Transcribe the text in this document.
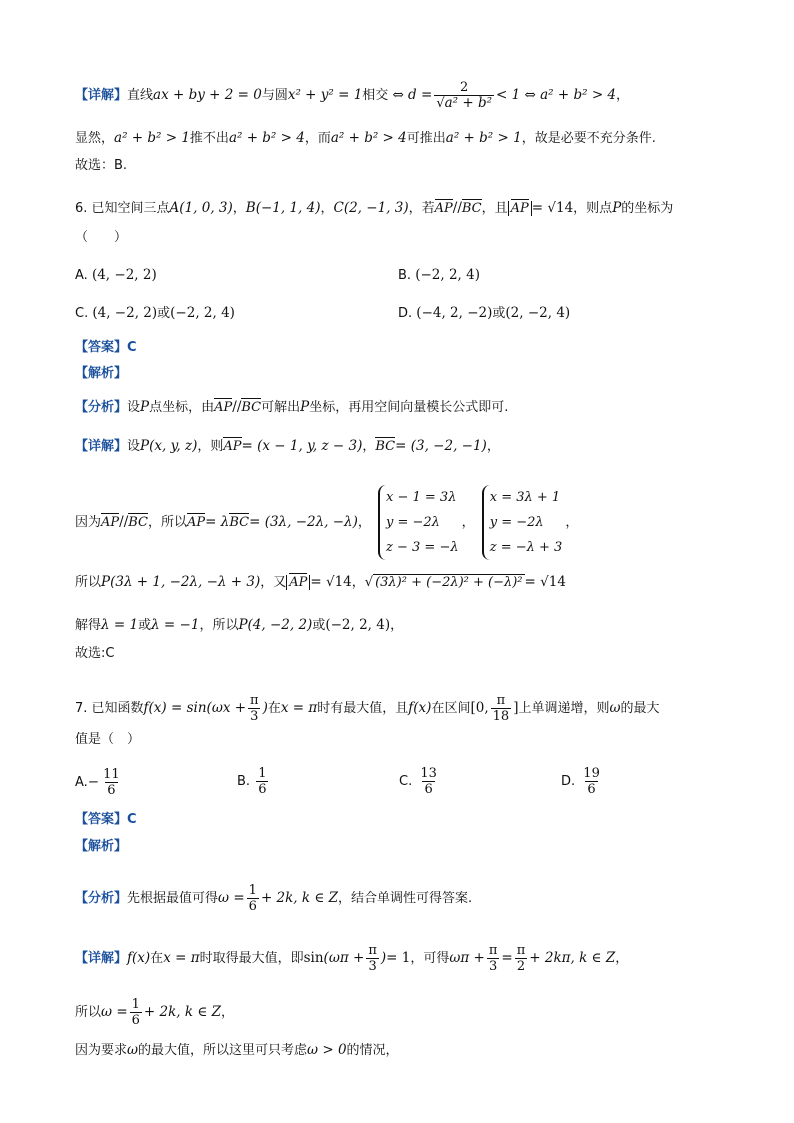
【详解】直线ax + by + 2 = 0与圆x² + y² = 1相交 ⇔ $d = \frac{2}{\text{√a² + b²}} < 1$ ⇔ a² + b² > 4，
显然，a² + b² > 1推不出a² + b² > 4，而a² + b² > 4可推出a² + b² > 1，故是必要不充分条件.
故选：B.
6. 已知空间三点A(1, 0, 3)，B(−1, 1, 4)，C(2, −1, 3)，若AP//BC，且 AP = √14，则点P的坐标为
（　　）
A. (4, −2, 2)	B. (−2, 2, 4)
C. (4, −2, 2)或(−2, 2, 4)	D. (−4, 2, −2)或(2, −2, 4)
【答案】C
【解析】
【分析】设P点坐标，由AP//BC可解出P坐标，再用空间向量模长公式即可.
【详解】设P(x, y, z)，则AP= (x − 1, y, z − 3)，BC= (3, −2, −1)，
因为AP//BC，所以AP= λBC= (3λ, −2λ, −λ)，
x − 1 = 3λ
y = −2λ
z − 3 = −λ
，
x = 3λ + 1
y = −2λ
z = −λ + 3
，
所以P(3λ + 1, −2λ, −λ + 3)，又 AP = √14，√ (3λ)² + (−2λ)² + (−λ)² = √14
解得λ = 1或λ = −1，所以P(4, −2, 2)或(−2, 2, 4)，
故选:C
7. 已知函数$f(x) = \sin(\omega x + \frac{\pi}{3}$ )在x = π时有最大值，且f(x)在区间[0, $\frac{\pi}{18}$ ]上单调递增，则ω的最大
值是（　）
$A.- \frac{11}{6}$	B. $\frac{1}{6}$	C. $\frac{13}{6}$	D. $\frac{19}{6}$
【答案】C
【解析】
【分析】先根据最值可得$\omega = \frac{1}{6} + 2k$, k ∈ Z，结合单调性可得答案.
【详解】f(x)在x = π时取得最大值，即$\sin(\omega\pi + \frac{\pi}{3}$ )= 1，可得$\omega\pi + \frac{\pi}{3} = \frac{\pi}{2} + 2k\pi$, k ∈ Z，
所以$\omega = \frac{1}{6} + 2k$, k ∈ Z，
因为要求ω的最大值，所以这里可只考虑ω > 0的情况，
